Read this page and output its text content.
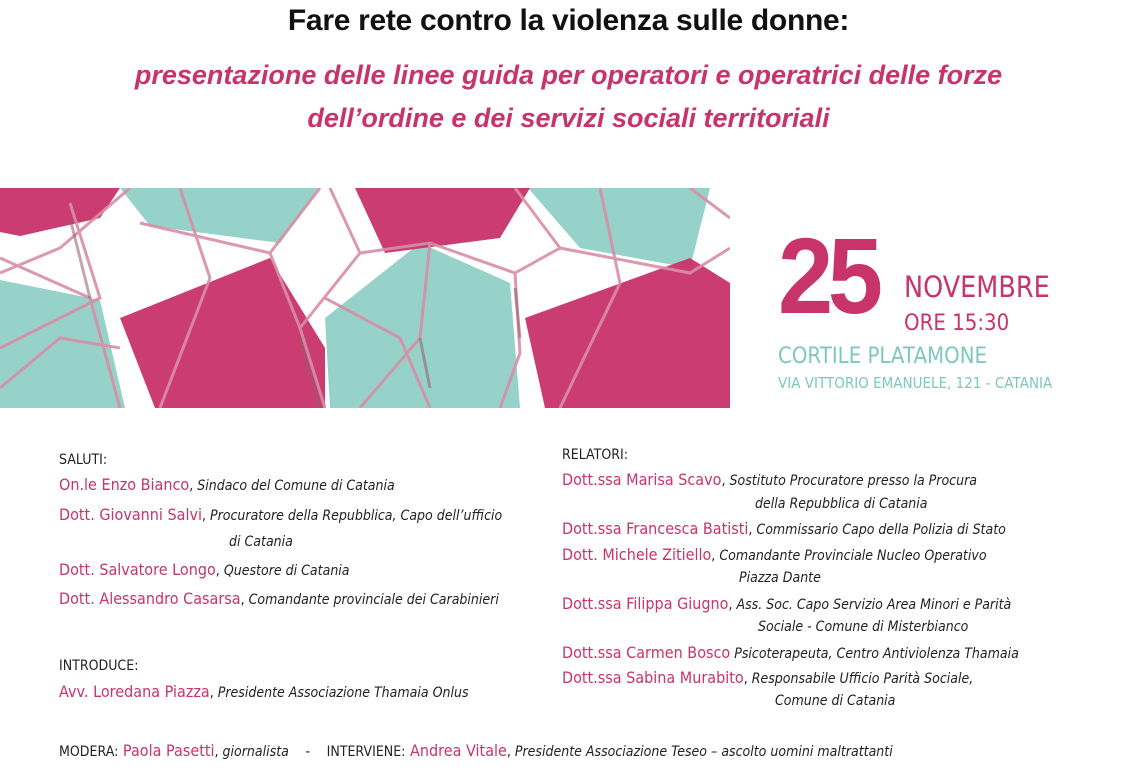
Fare rete contro la violenza sulle donne:
presentazione delle linee guida per operatori e operatrici delle forze
dell’ordine e dei servizi sociali territoriali
25 NOVEMBRE
ORE 15:30
CORTILE PLATAMONE
VIA VITTORIO EMANUELE, 121 - CATANIA
SALUTI:
On.le Enzo Bianco, Sindaco del Comune di Catania
Dott. Giovanni Salvi, Procuratore della Repubblica, Capo dell’ufficio
di Catania
Dott. Salvatore Longo, Questore di Catania
Dott. Alessandro Casarsa, Comandante provinciale dei Carabinieri
INTRODUCE:
Avv. Loredana Piazza, Presidente Associazione Thamaia Onlus
RELATORI:
Dott.ssa Marisa Scavo, Sostituto Procuratore presso la Procura
della Repubblica di Catania
Dott.ssa Francesca Batisti, Commissario Capo della Polizia di Stato
Dott. Michele Zitiello, Comandante Provinciale Nucleo Operativo
Piazza Dante
Dott.ssa Filippa Giugno, Ass. Soc. Capo Servizio Area Minori e Parità
Sociale - Comune di Misterbianco
Dott.ssa Carmen Bosco Psicoterapeuta, Centro Antiviolenza Thamaia
Dott.ssa Sabina Murabito, Responsabile Ufficio Parità Sociale,
Comune di Catania
MODERA: Paola Pasetti, giornalista - INTERVIENE: Andrea Vitale, Presidente Associazione Teseo – ascolto uomini maltrattanti
